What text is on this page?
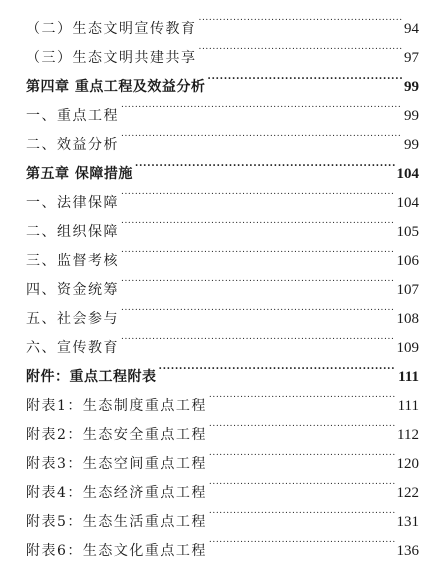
（二）生态文明宣传教育 .....	94
（三）生态文明共建共享 .....	97
第四章 重点工程及效益分析 .....	99
一、重点工程 .....	99
二、效益分析 .....	99
第五章 保障措施 .....	104
一、法律保障 .....	104
二、组织保障 .....	105
三、监督考核 .....	106
四、资金统筹 .....	107
五、社会参与 .....	108
六、宣传教育 .....	109
附件：重点工程附表 .....	111
附表1：生态制度重点工程 .....	111
附表2：生态安全重点工程 .....	112
附表3：生态空间重点工程 .....	120
附表4：生态经济重点工程 .....	122
附表5：生态生活重点工程 .....	131
附表6：生态文化重点工程 .....	136
